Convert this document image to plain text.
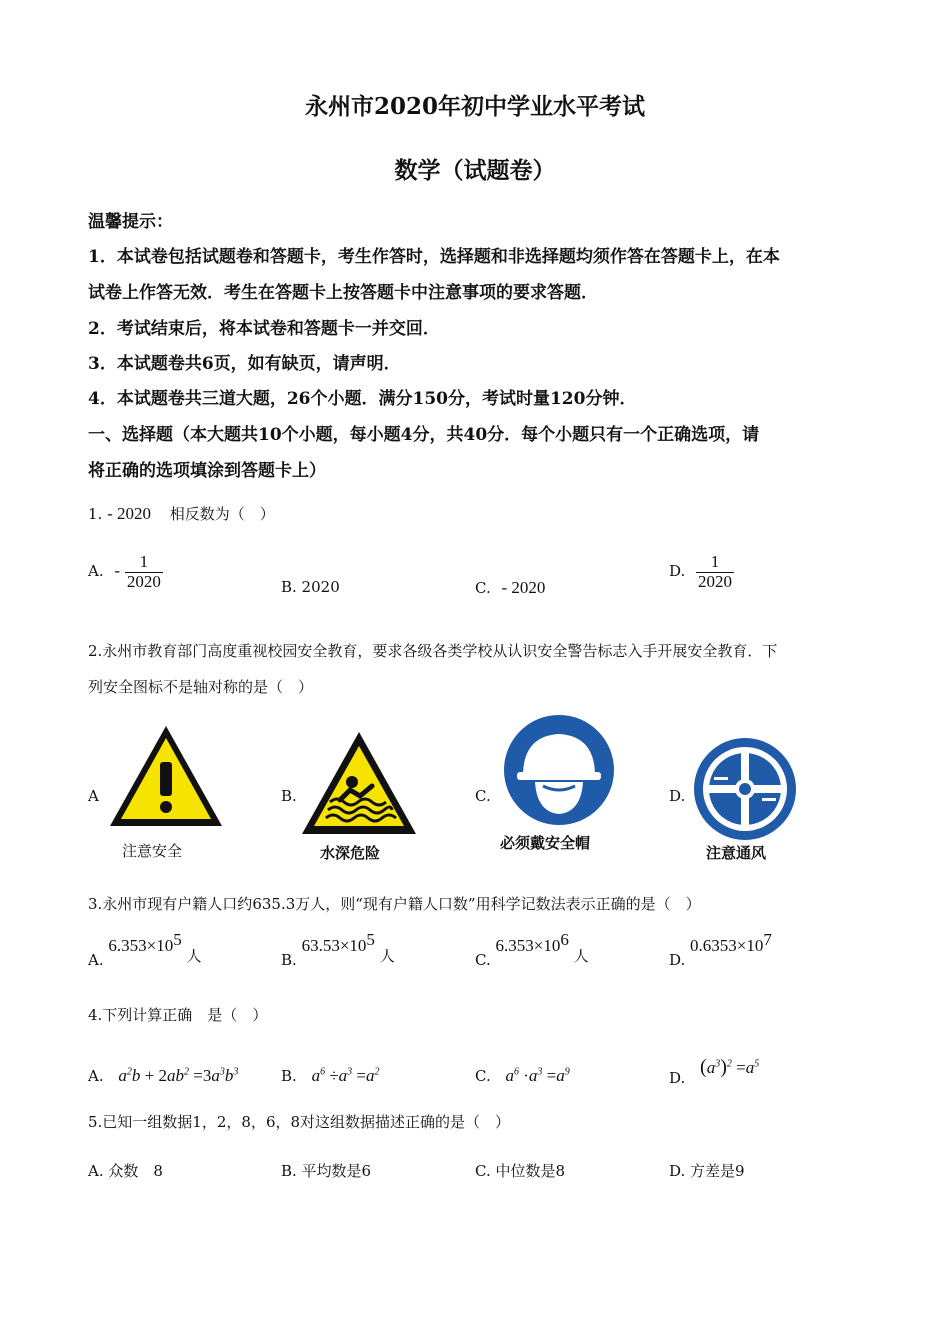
永州市2020年初中学业水平考试
数学（试题卷）
温馨提示：
1．本试卷包括试题卷和答题卡，考生作答时，选择题和非选择题均须作答在答题卡上，在本
试卷上作答无效．考生在答题卡上按答题卡中注意事项的要求答题．
2．考试结束后，将本试卷和答题卡一并交回．
3．本试题卷共6页，如有缺页，请声明．
4．本试题卷共三道大题，26个小题．满分150分，考试时量120分钟．
一、选择题（本大题共10个小题，每小题4分，共40分．每个小题只有一个正确选项，请
将正确的选项填涂到答题卡上）
1. - 2020 相反数为（　）
A. - $\frac{1}{2020}$	B. 2020	C. - 2020
D. $\frac{1}{2020}$
2.永州市教育部门高度重视校园安全教育，要求各级各类学校从认识安全警告标志入手开展安全教育．下
列安全图标不是轴对称的是（　）
A
注意安全
B.
水深危险
C.
必须戴安全帽
D.
注意通风
3.永州市现有户籍人口约635.3万人，则“现有户籍人口数”用科学记数法表示正确的是（　）
A. $6.353\times 10^5$ 人	B. $63.53\times 10^5$ 人	C. $6.353\times 10^6$ 人	D. $0.6353\times 10^7$
4.下列计算正确　是（　）
A. $a^2b + 2ab^2 =3a^3b^3$	B. $a^6 \div a^3 =a^2$	C. $a^6 \cdot a^3 =a^9$	D. $(a^3)^2 =a^5$
5.已知一组数据1，2，8，6，8对这组数据描述正确的是（　）
A. 众数　8	B. 平均数是6	C. 中位数是8	D. 方差是9
